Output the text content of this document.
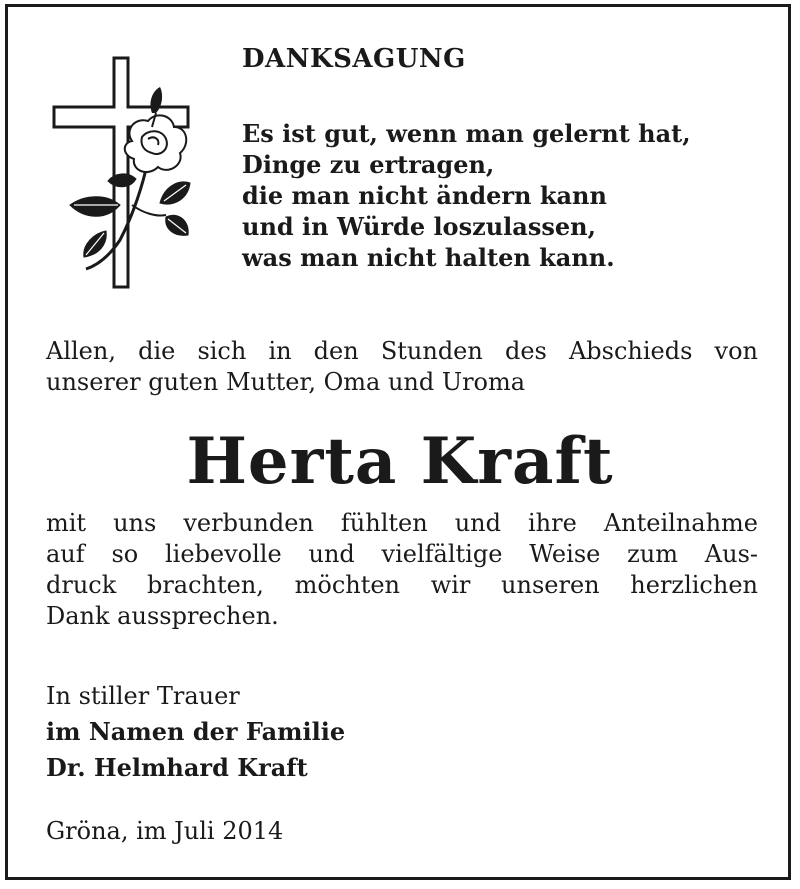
DANKSAGUNG
Es ist gut, wenn man gelernt hat,
Dinge zu ertragen,
die man nicht ändern kann
und in Würde loszulassen,
was man nicht halten kann.
Allen, die sich in den Stunden des Abschieds von
unserer guten Mutter, Oma und Uroma
Herta Kraft
mit uns verbunden fühlten und ihre Anteilnahme
auf so liebevolle und vielfältige Weise zum Aus-
druck brachten, möchten wir unseren herzlichen
Dank aussprechen.
In stiller Trauer
im Namen der Familie
Dr. Helmhard Kraft
Gröna, im Juli 2014
